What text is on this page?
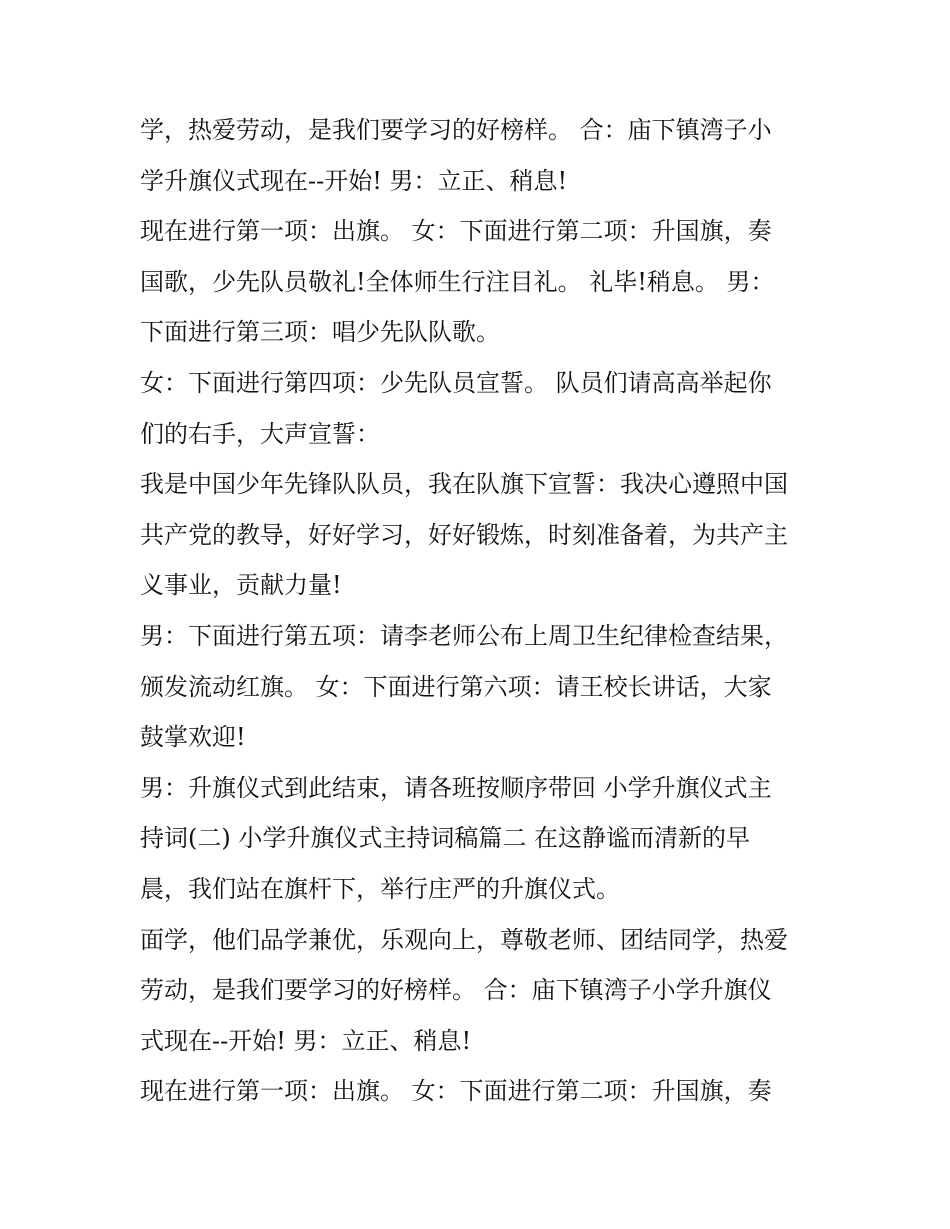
学，热爱劳动，是我们要学习的好榜样。 合：庙下镇湾子小
学升旗仪式现在--开始! 男：立正、稍息!
现在进行第一项：出旗。 女：下面进行第二项：升国旗，奏
国歌，少先队员敬礼!全体师生行注目礼。 礼毕!稍息。 男：
下面进行第三项：唱少先队队歌。
女：下面进行第四项：少先队员宣誓。 队员们请高高举起你
们的右手，大声宣誓：
我是中国少年先锋队队员，我在队旗下宣誓：我决心遵照中国
共产党的教导，好好学习，好好锻炼，时刻准备着，为共产主
义事业，贡献力量!
男：下面进行第五项：请李老师公布上周卫生纪律检查结果，
颁发流动红旗。 女：下面进行第六项：请王校长讲话，大家
鼓掌欢迎!
男：升旗仪式到此结束，请各班按顺序带回 小学升旗仪式主
持词(二) 小学升旗仪式主持词稿篇二 在这静谧而清新的早
晨，我们站在旗杆下，举行庄严的升旗仪式。
面学，他们品学兼优，乐观向上，尊敬老师、团结同学，热爱
劳动，是我们要学习的好榜样。 合：庙下镇湾子小学升旗仪
式现在--开始! 男：立正、稍息!
现在进行第一项：出旗。 女：下面进行第二项：升国旗，奏
